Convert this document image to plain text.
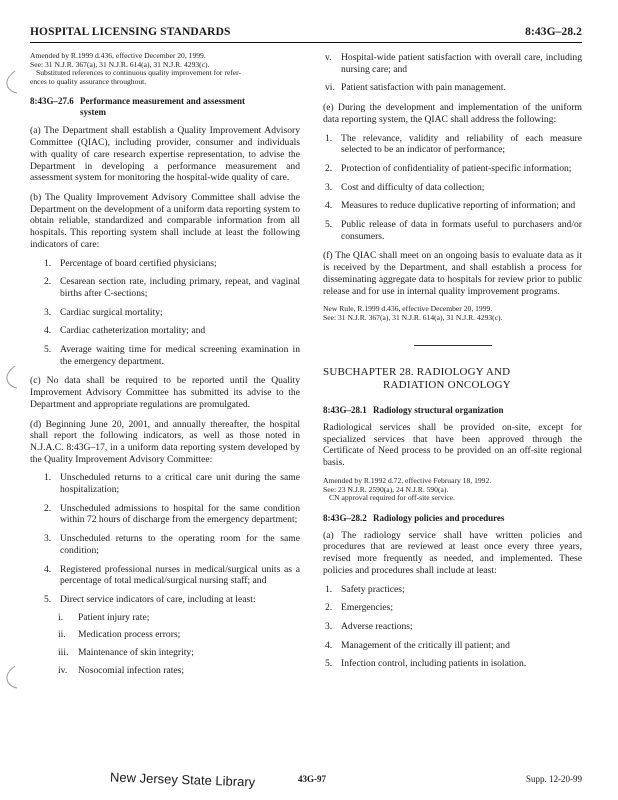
HOSPITAL LICENSING STANDARDS	8:43G–28.2
Amended by R.1999 d.436, effective December 20, 1999.
See: 31 N.J.R. 367(a), 31 N.J.R. 614(a), 31 N.J.R. 4293(c).
Substituted references to continuous quality improvement for refer-
ences to quality assurance throughout.
8:43G–27.6 Performance measurement and assessment
system

(a) The Department shall establish a Quality Improvement Advisory Committee (QIAC), including provider, consumer and individuals with quality of care research expertise representation, to advise the Department in developing a performance measurement and assessment system for monitoring the hospital-wide quality of care.

(b) The Quality Improvement Advisory Committee shall advise the Department on the development of a uniform data reporting system to obtain reliable, standardized and comparable information from all hospitals. This reporting system shall include at least the following indicators of care:

1. Percentage of board certified physicians;
2. Cesarean section rate, including primary, repeat, and vaginal births after C-sections;
3. Cardiac surgical mortality;
4. Cardiac catheterization mortality; and
5. Average waiting time for medical screening examination in the emergency department.

(c) No data shall be required to be reported until the Quality Improvement Advisory Committee has submitted its advise to the Department and appropriate regulations are promulgated.

(d) Beginning June 20, 2001, and annually thereafter, the hospital shall report the following indicators, as well as those noted in N.J.A.C. 8:43G–17, in a uniform data reporting system developed by the Quality Improvement Advisory Committee:

1. Unscheduled returns to a critical care unit during the same hospitalization;
2. Unscheduled admissions to hospital for the same condition within 72 hours of discharge from the emergency department;
3. Unscheduled returns to the operating room for the same condition;
4. Registered professional nurses in medical/surgical units as a percentage of total medical/surgical nursing staff; and
5. Direct service indicators of care, including at least:
i. Patient injury rate;
ii. Medication process errors;
iii. Maintenance of skin integrity;
iv. Nosocomial infection rates;
v. Hospital-wide patient satisfaction with overall care, including nursing care; and
vi. Patient satisfaction with pain management.

(e) During the development and implementation of the uniform data reporting system, the QIAC shall address the following:

1. The relevance, validity and reliability of each measure selected to be an indicator of performance;
2. Protection of confidentiality of patient-specific information;
3. Cost and difficulty of data collection;
4. Measures to reduce duplicative reporting of information; and
5. Public release of data in formats useful to purchasers and/or consumers.

(f) The QIAC shall meet on an ongoing basis to evaluate data as it is received by the Department, and shall establish a process for disseminating aggregate data to hospitals for review prior to public release and for use in internal quality improvement programs.

New Rule, R.1999 d.436, effective December 20, 1999.
See: 31 N.J.R. 367(a), 31 N.J.R. 614(a), 31 N.J.R. 4293(c).
SUBCHAPTER 28. RADIOLOGY AND
RADIATION ONCOLOGY
8:43G–28.1 Radiology structural organization

Radiological services shall be provided on-site, except for specialized services that have been approved through the Certificate of Need process to be provided on an off-site regional basis.

Amended by R.1992 d.72, effective February 18, 1992.
See: 23 N.J.R. 2590(a), 24 N.J.R. 590(a).
CN approval required for off-site service.
8:43G–28.2 Radiology policies and procedures

(a) The radiology service shall have written policies and procedures that are reviewed at least once every three years, revised more frequently as needed, and implemented. These policies and procedures shall include at least:

1. Safety practices;
2. Emergencies;
3. Adverse reactions;
4. Management of the critically ill patient; and
5. Infection control, including patients in isolation.
New Jersey State Library	43G-97	Supp. 12-20-99
